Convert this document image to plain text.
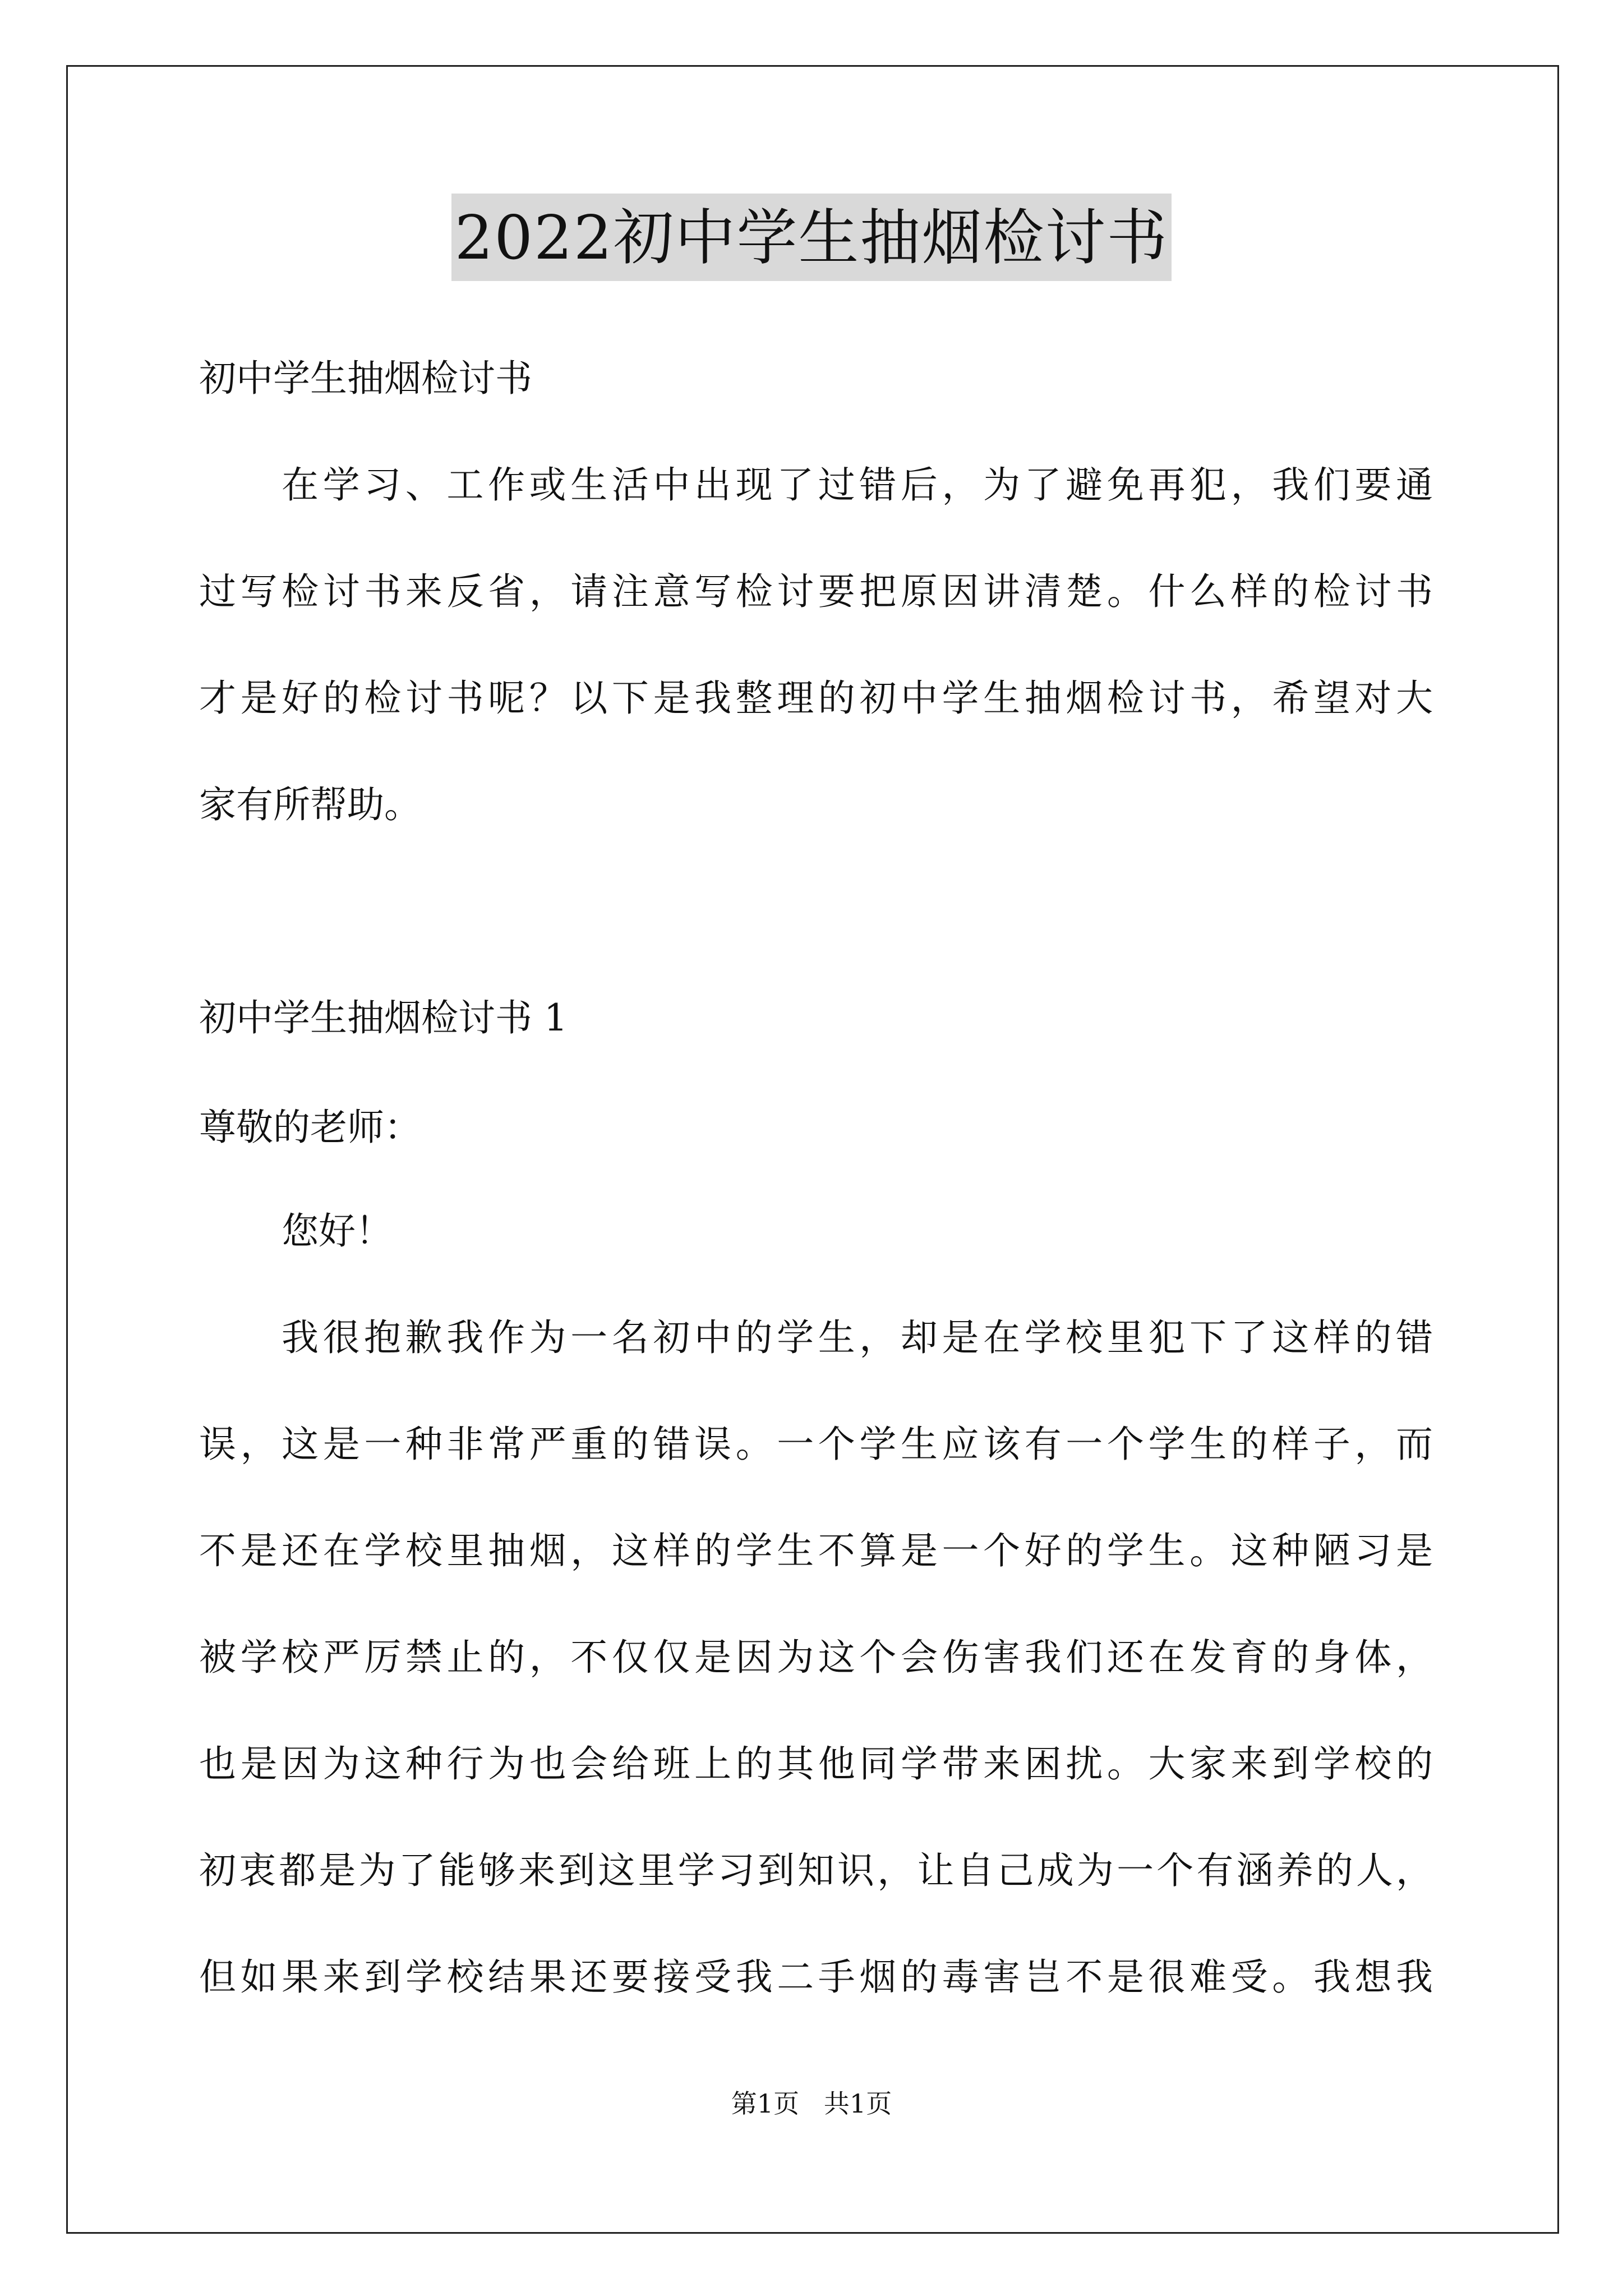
2022初中学生抽烟检讨书
初中学生抽烟检讨书
在学习、工作或生活中出现了过错后，为了避免再犯，我们要通
过写检讨书来反省，请注意写检讨要把原因讲清楚。什么样的检讨书
才是好的检讨书呢？以下是我整理的初中学生抽烟检讨书，希望对大
家有所帮助。
初中学生抽烟检讨书 1
尊敬的老师：
您好！
我很抱歉我作为一名初中的学生，却是在学校里犯下了这样的错
误，这是一种非常严重的错误。一个学生应该有一个学生的样子，而
不是还在学校里抽烟，这样的学生不算是一个好的学生。这种陋习是
被学校严厉禁止的，不仅仅是因为这个会伤害我们还在发育的身体，
也是因为这种行为也会给班上的其他同学带来困扰。大家来到学校的
初衷都是为了能够来到这里学习到知识，让自己成为一个有涵养的人，
但如果来到学校结果还要接受我二手烟的毒害岂不是很难受。我想我
第1页   共1页
